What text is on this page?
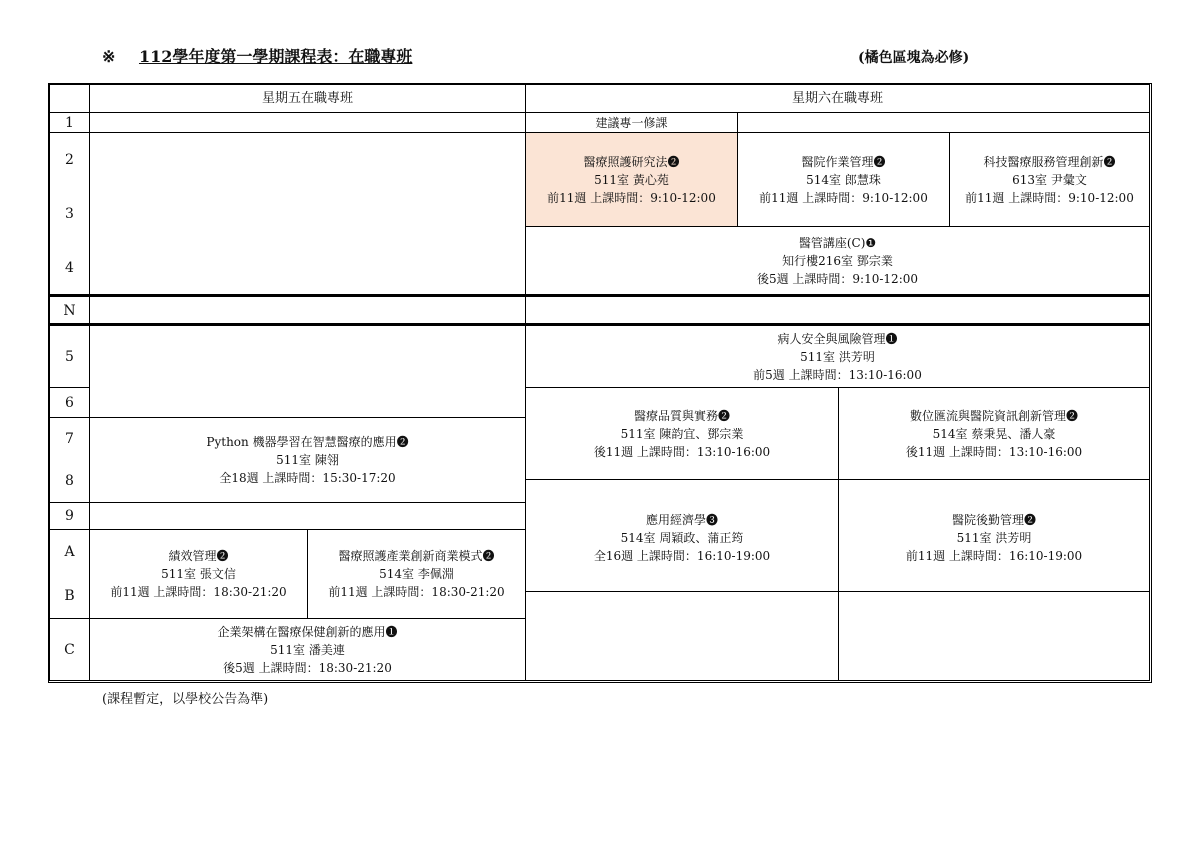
※ 112學年度第一學期課程表：在職專班	(橘色區塊為必修)
星期五在職專班	星期六在職專班
1
2
3
4
N
5
6
7
8
9
A
B
C
Python 機器學習在智慧醫療的應用❷
511室 陳翎
全18週 上課時間：15:30-17:20
績效管理❷
511室 張文信
前11週 上課時間：18:30-21:20
醫療照護產業創新商業模式❷
514室 李佩淵
前11週 上課時間：18:30-21:20
企業架構在醫療保健創新的應用❶
511室 潘美連
後5週 上課時間：18:30-21:20
建議專一修課
醫療照護研究法❷
511室 黃心苑
前11週 上課時間：9:10-12:00
醫院作業管理❷
514室 郎慧珠
前11週 上課時間：9:10-12:00
科技醫療服務管理創新❷
613室 尹彙文
前11週 上課時間：9:10-12:00
醫管講座(C)❶
知行樓216室 鄧宗業
後5週 上課時間：9:10-12:00
病人安全與風險管理❶
511室 洪芳明
前5週 上課時間：13:10-16:00
醫療品質與實務❷
511室 陳韵宜、鄧宗業
後11週 上課時間：13:10-16:00
數位匯流與醫院資訊創新管理❷
514室 蔡秉晃、潘人豪
後11週 上課時間：13:10-16:00
應用經濟學❸
514室 周穎政、蒲正筠
全16週 上課時間：16:10-19:00
醫院後勤管理❷
511室 洪芳明
前11週 上課時間：16:10-19:00
(課程暫定，以學校公告為準)
